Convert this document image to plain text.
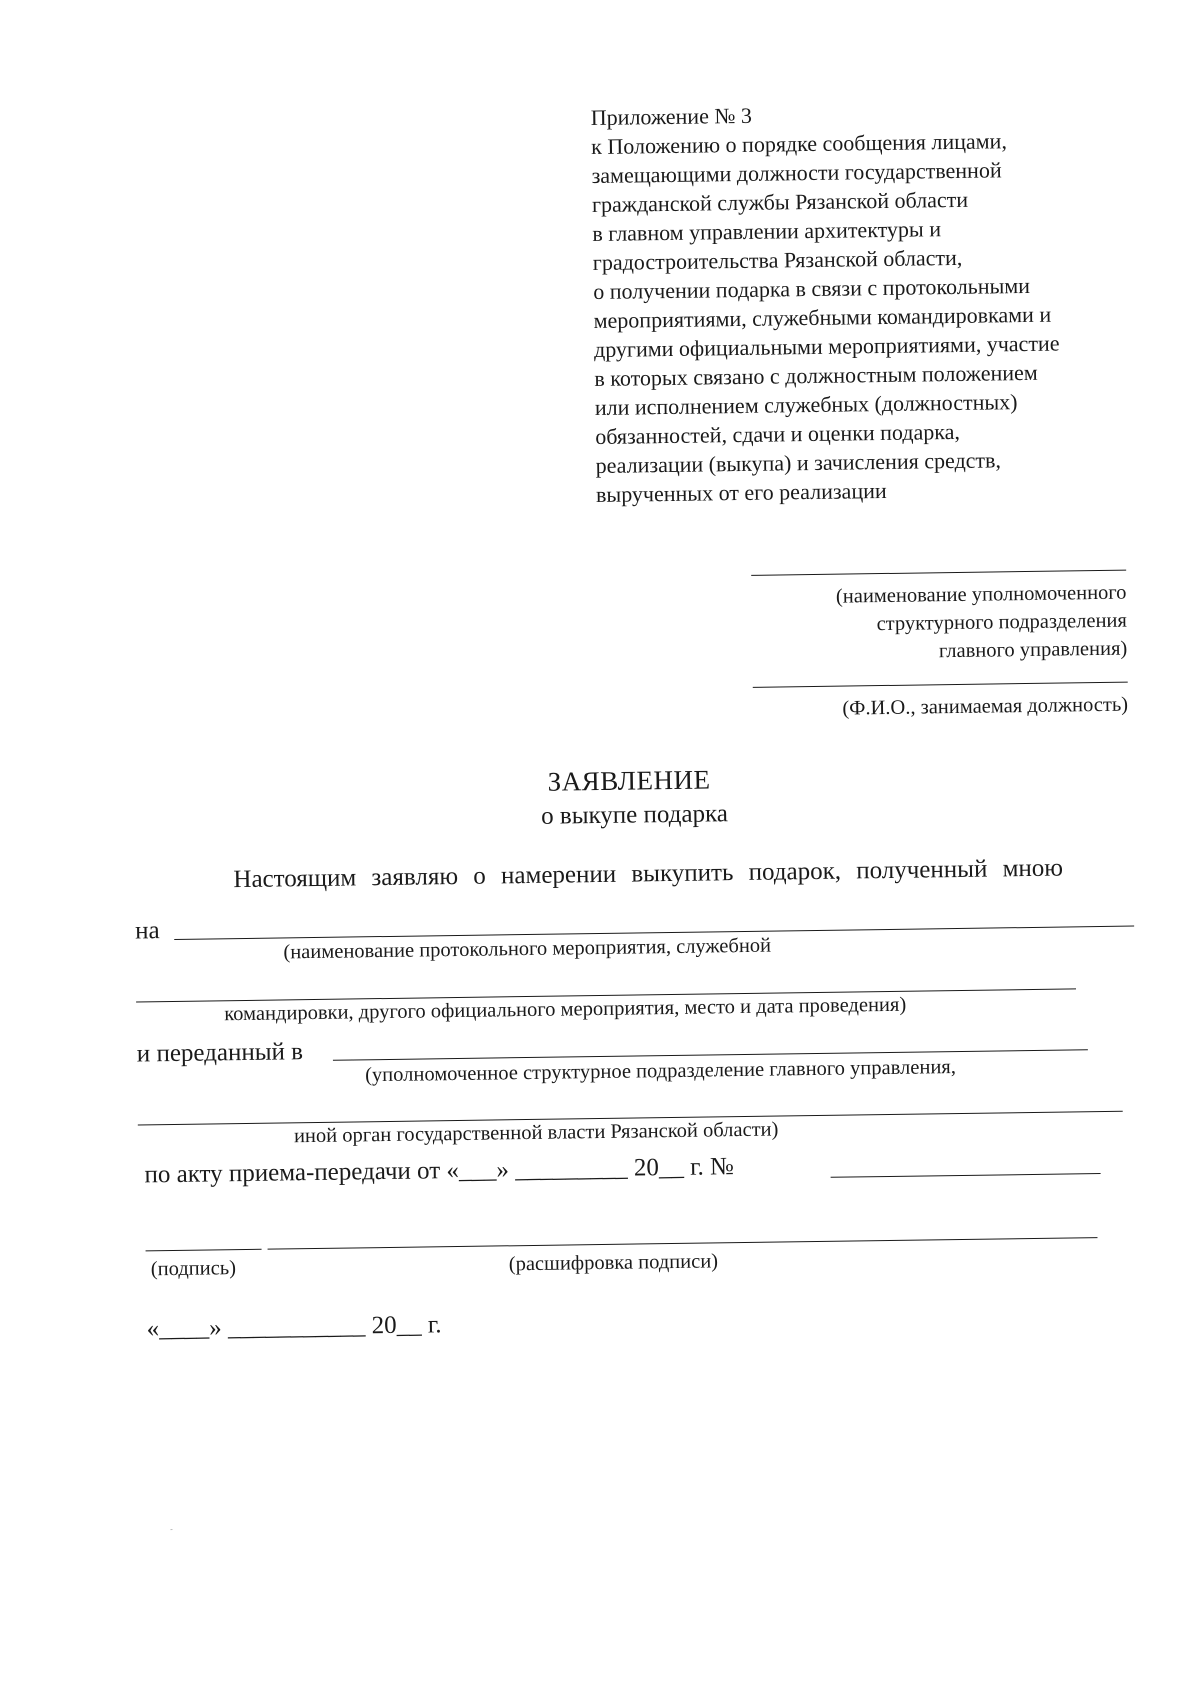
Приложение № 3
к Положению о порядке сообщения лицами,
замещающими должности государственной
гражданской службы Рязанской области
в главном управлении архитектуры и
градостроительства Рязанской области,
о получении подарка в связи с протокольными
мероприятиями, служебными командировками и
другими официальными мероприятиями, участие
в которых связано с должностным положением
или исполнением служебных (должностных)
обязанностей, сдачи и оценки подарка,
реализации (выкупа) и зачисления средств,
вырученных от его реализации
(наименование уполномоченного
структурного подразделения
главного управления)
(Ф.И.О., занимаемая должность)
ЗАЯВЛЕНИЕ
о выкупе подарка
Настоящим заявляю о намерении выкупить подарок, полученный мною
на
(наименование протокольного мероприятия, служебной
командировки, другого официального мероприятия, место и дата проведения)
и переданный в
(уполномоченное структурное подразделение главного управления,
иной орган государственной власти Рязанской области)
по акту приема-передачи от «___» _________ 20__ г. №
(подпись)	(расшифровка подписи)
«____» ___________ 20__ г.
